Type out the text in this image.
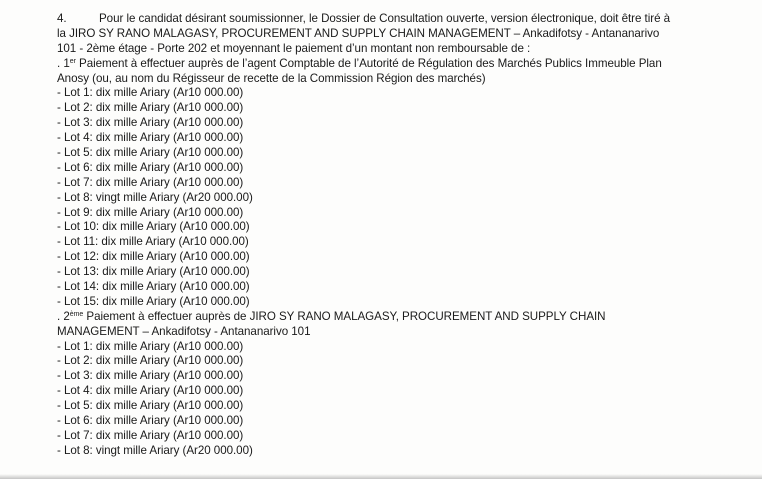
4.	Pour le candidat désirant soumissionner, le Dossier de Consultation ouverte, version électronique, doit être tiré à
la JIRO SY RANO MALAGASY, PROCUREMENT AND SUPPLY CHAIN MANAGEMENT – Ankadifotsy - Antananarivo
101 - 2ème étage - Porte 202 et moyennant le paiement d’un montant non remboursable de :
. 1er Paiement à effectuer auprès de l’agent Comptable de l’Autorité de Régulation des Marchés Publics Immeuble Plan
Anosy (ou, au nom du Régisseur de recette de la Commission Région des marchés)
- Lot 1: dix mille Ariary (Ar10 000.00)
- Lot 2: dix mille Ariary (Ar10 000.00)
- Lot 3: dix mille Ariary (Ar10 000.00)
- Lot 4: dix mille Ariary (Ar10 000.00)
- Lot 5: dix mille Ariary (Ar10 000.00)
- Lot 6: dix mille Ariary (Ar10 000.00)
- Lot 7: dix mille Ariary (Ar10 000.00)
- Lot 8: vingt mille Ariary (Ar20 000.00)
- Lot 9: dix mille Ariary (Ar10 000.00)
- Lot 10: dix mille Ariary (Ar10 000.00)
- Lot 11: dix mille Ariary (Ar10 000.00)
- Lot 12: dix mille Ariary (Ar10 000.00)
- Lot 13: dix mille Ariary (Ar10 000.00)
- Lot 14: dix mille Ariary (Ar10 000.00)
- Lot 15: dix mille Ariary (Ar10 000.00)
. 2ème Paiement à effectuer auprès de JIRO SY RANO MALAGASY, PROCUREMENT AND SUPPLY CHAIN
MANAGEMENT – Ankadifotsy - Antananarivo 101
- Lot 1: dix mille Ariary (Ar10 000.00)
- Lot 2: dix mille Ariary (Ar10 000.00)
- Lot 3: dix mille Ariary (Ar10 000.00)
- Lot 4: dix mille Ariary (Ar10 000.00)
- Lot 5: dix mille Ariary (Ar10 000.00)
- Lot 6: dix mille Ariary (Ar10 000.00)
- Lot 7: dix mille Ariary (Ar10 000.00)
- Lot 8: vingt mille Ariary (Ar20 000.00)
